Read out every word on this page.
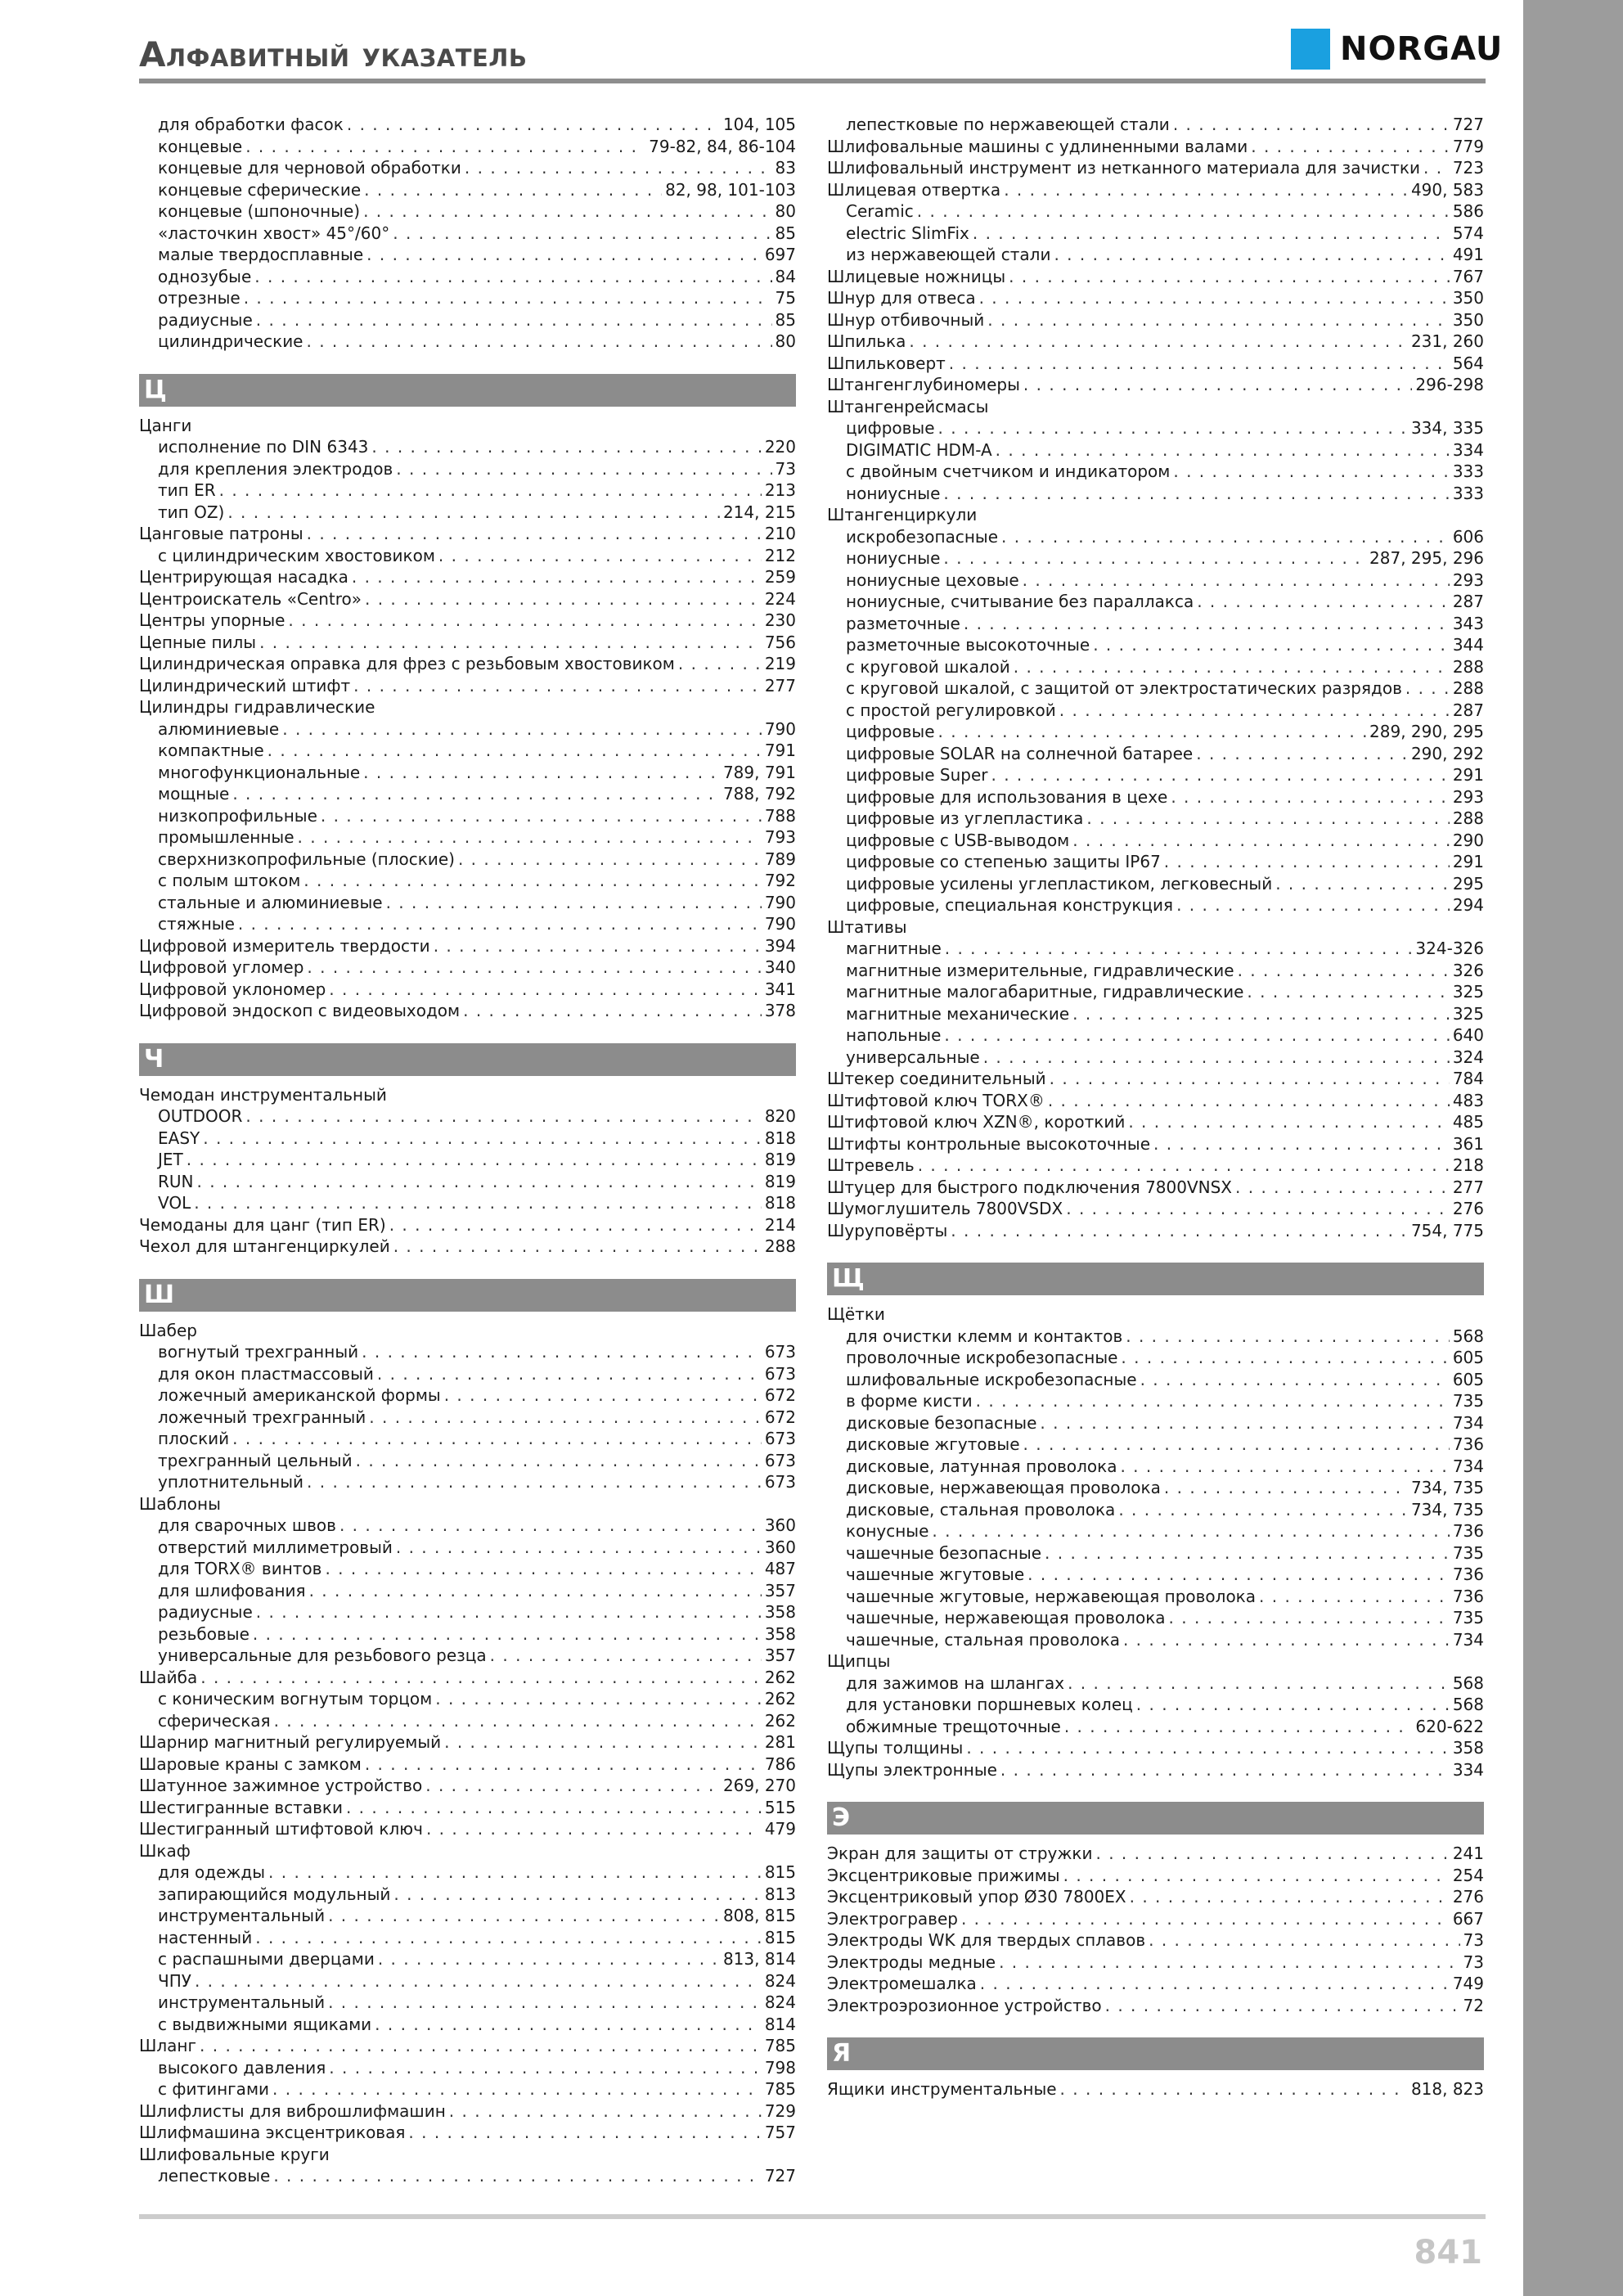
Алфавитный указатель	NORGAU
для обработки фасок . . .	104, 105
концевые . . .	79-82, 84, 86-104
концевые для черновой обработки . . .	83
концевые сферические . . .	82, 98, 101-103
концевые (шпоночные) . . .	80
«ласточкин хвост» 45°/60° . . .	85
малые твердосплавные . . .	697
однозубые . . .	84
отрезные . . .	75
радиусные . . .	85
цилиндрические . . .	80
Ц
Цанги
исполнение по DIN 6343 . . .	220
для крепления электродов . . .	73
тип ER . . .	213
тип OZ) . . .	214, 215
Цанговые патроны . . .	210
с цилиндрическим хвостовиком . . .	212
Центрирующая насадка . . .	259
Центроискатель «Centro» . . .	224
Центры упорные . . .	230
Цепные пилы . . .	756
Цилиндрическая оправка для фрез с резьбовым хвостовиком . . .	219
Цилиндрический штифт . . .	277
Цилиндры гидравлические
алюминиевые . . .	790
компактные . . .	791
многофункциональные . . .	789, 791
мощные . . .	788, 792
низкопрофильные . . .	788
промышленные . . .	793
сверхнизкопрофильные (плоские) . . .	789
с полым штоком . . .	792
стальные и алюминиевые . . .	790
стяжные . . .	790
Цифровой измеритель твердости . . .	394
Цифровой угломер . . .	340
Цифровой уклономер . . .	341
Цифровой эндоскоп с видеовыходом . . .	378
Ч
Чемодан инструментальный
OUTDOOR . . .	820
EASY . . .	818
JET . . .	819
RUN . . .	819
VOL . . .	818
Чемоданы для цанг (тип ER) . . .	214
Чехол для штангенциркулей . . .	288
Ш
Шабер
вогнутый трехгранный . . .	673
для окон пластмассовый . . .	673
ложечный американской формы . . .	672
ложечный трехгранный . . .	672
плоский . . .	673
трехгранный цельный . . .	673
уплотнительный . . .	673
Шаблоны
для сварочных швов . . .	360
отверстий миллиметровый . . .	360
для TORX® винтов . . .	487
для шлифования . . .	357
радиусные . . .	358
резьбовые . . .	358
универсальные для резьбового резца . . .	357
Шайба . . .	262
с коническим вогнутым торцом . . .	262
сферическая . . .	262
Шарнир магнитный регулируемый . . .	281
Шаровые краны с замком . . .	786
Шатунное зажимное устройство . . .	269, 270
Шестигранные вставки . . .	515
Шестигранный штифтовой ключ . . .	479
Шкаф
для одежды . . .	815
запирающийся модульный . . .	813
инструментальный . . .	808, 815
настенный . . .	815
с распашными дверцами . . .	813, 814
ЧПУ . . .	824
инструментальный . . .	824
с выдвижными ящиками . . .	814
Шланг . . .	785
высокого давления . . .	798
с фитингами . . .	785
Шлифлисты для виброшлифмашин . . .	729
Шлифмашина эксцентриковая . . .	757
Шлифовальные круги
лепестковые . . .	727
лепестковые по нержавеющей стали . . .	727
Шлифовальные машины с удлиненными валами . . .	779
Шлифовальный инструмент из нетканного материала для зачистки . . . 723
Шлицевая отвертка . . .	490, 583
Ceramic . . .	586
electric SlimFix . . .	574
из нержавеющей стали . . .	491
Шлицевые ножницы . . .	767
Шнур для отвеса . . .	350
Шнур отбивочный . . .	350
Шпилька . . .	231, 260
Шпильковерт . . .	564
Штангенглубиномеры . . .	296-298
Штангенрейсмасы
цифровые . . .	334, 335
DIGIMATIC HDM-A . . .	334
с двойным счетчиком и индикатором . . .	333
нониусные . . .	333
Штангенциркули
искробезопасные . . .	606
нониусные . . .	287, 295, 296
нониусные цеховые . . .	293
нониусные, считывание без параллакса . . .	287
разметочные . . .	343
разметочные высокоточные . . .	344
с круговой шкалой . . .	288
с круговой шкалой, с защитой от электростатических разрядов . . .	288
с простой регулировкой . . .	287
цифровые . . .	289, 290, 295
цифровые SOLAR на солнечной батарее . . .	290, 292
цифровые Super . . .	291
цифровые для использования в цехе . . .	293
цифровые из углепластика . . .	288
цифровые с USB-выводом . . .	290
цифровые со степенью защиты IP67 . . .	291
цифровые усилены углепластиком, легковесный . . .	295
цифровые, специальная конструкция . . .	294
Штативы
магнитные . . .	324-326
магнитные измерительные, гидравлические . . .	326
магнитные малогабаритные, гидравлические . . .	325
магнитные механические . . .	325
напольные . . .	640
универсальные . . .	324
Штекер соединительный . . .	784
Штифтовой ключ TORX® . . .	483
Штифтовой ключ XZN®, короткий . . .	485
Штифты контрольные высокоточные . . .	361
Штревель . . .	218
Штуцер для быстрого подключения 7800VNSX . . .	277
Шумоглушитель 7800VSDX . . .	276
Шуруповёрты . . .	754, 775
Щ
Щётки
для очистки клемм и контактов . . .	568
проволочные искробезопасные . . .	605
шлифовальные искробезопасные . . .	605
в форме кисти . . .	735
дисковые безопасные . . .	734
дисковые жгутовые . . .	736
дисковые, латунная проволока . . .	734
дисковые, нержавеющая проволока . . .	734, 735
дисковые, стальная проволока . . .	734, 735
конусные . . .	736
чашечные безопасные . . .	735
чашечные жгутовые . . .	736
чашечные жгутовые, нержавеющая проволока . . .	736
чашечные, нержавеющая проволока . . .	735
чашечные, стальная проволока . . .	734
Щипцы
для зажимов на шлангах . . .	568
для установки поршневых колец . . .	568
обжимные трещоточные . . .	620-622
Щупы толщины . . .	358
Щупы электронные . . .	334
Э
Экран для защиты от стружки . . .	241
Эксцентриковые прижимы . . .	254
Эксцентриковый упор Ø30 7800EX . . .	276
Электрогравер . . .	667
Электроды WK для твердых сплавов . . .	73
Электроды медные . . .	73
Электромешалка . . .	749
Электроэрозионное устройство . . .	72
Я
Ящики инструментальные . . .	818, 823
841
